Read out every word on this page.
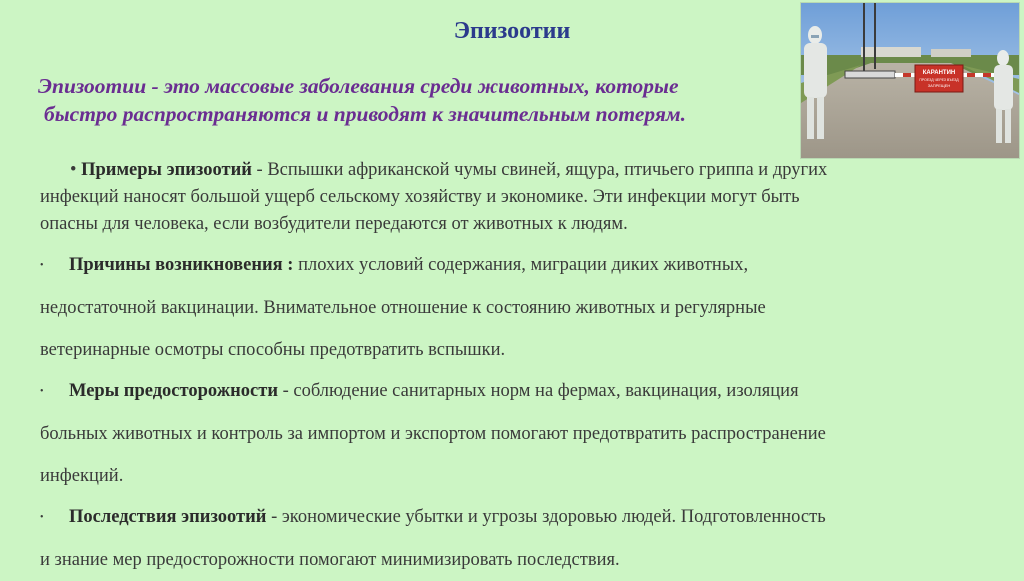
Эпизоотии
Эпизоотии - это массовые заболевания среди животных, которые
быстро распространяются и приводят к значительным потерям.
КАРАНТИН
ПРОЕЗД ЧЕРЕЗ ВЪЕЗД
ЗАПРЕЩЕН
• Примеры эпизоотий - Вспышки африканской чумы свиней, ящура, птичьего гриппа и других
инфекций наносят большой ущерб сельскому хозяйству и экономике. Эти инфекции могут быть
опасны для человека, если возбудители передаются от животных к людям.
• Причины возникновения : плохих условий содержания, миграции диких животных,
недостаточной вакцинации. Внимательное отношение к состоянию животных и регулярные
ветеринарные осмотры способны предотвратить вспышки.
• Меры предосторожности - соблюдение санитарных норм на фермах, вакцинация, изоляция
больных животных и контроль за импортом и экспортом помогают предотвратить распространение
инфекций.
• Последствия эпизоотий - экономические убытки и угрозы здоровью людей. Подготовленность
и знание мер предосторожности помогают минимизировать последствия.
